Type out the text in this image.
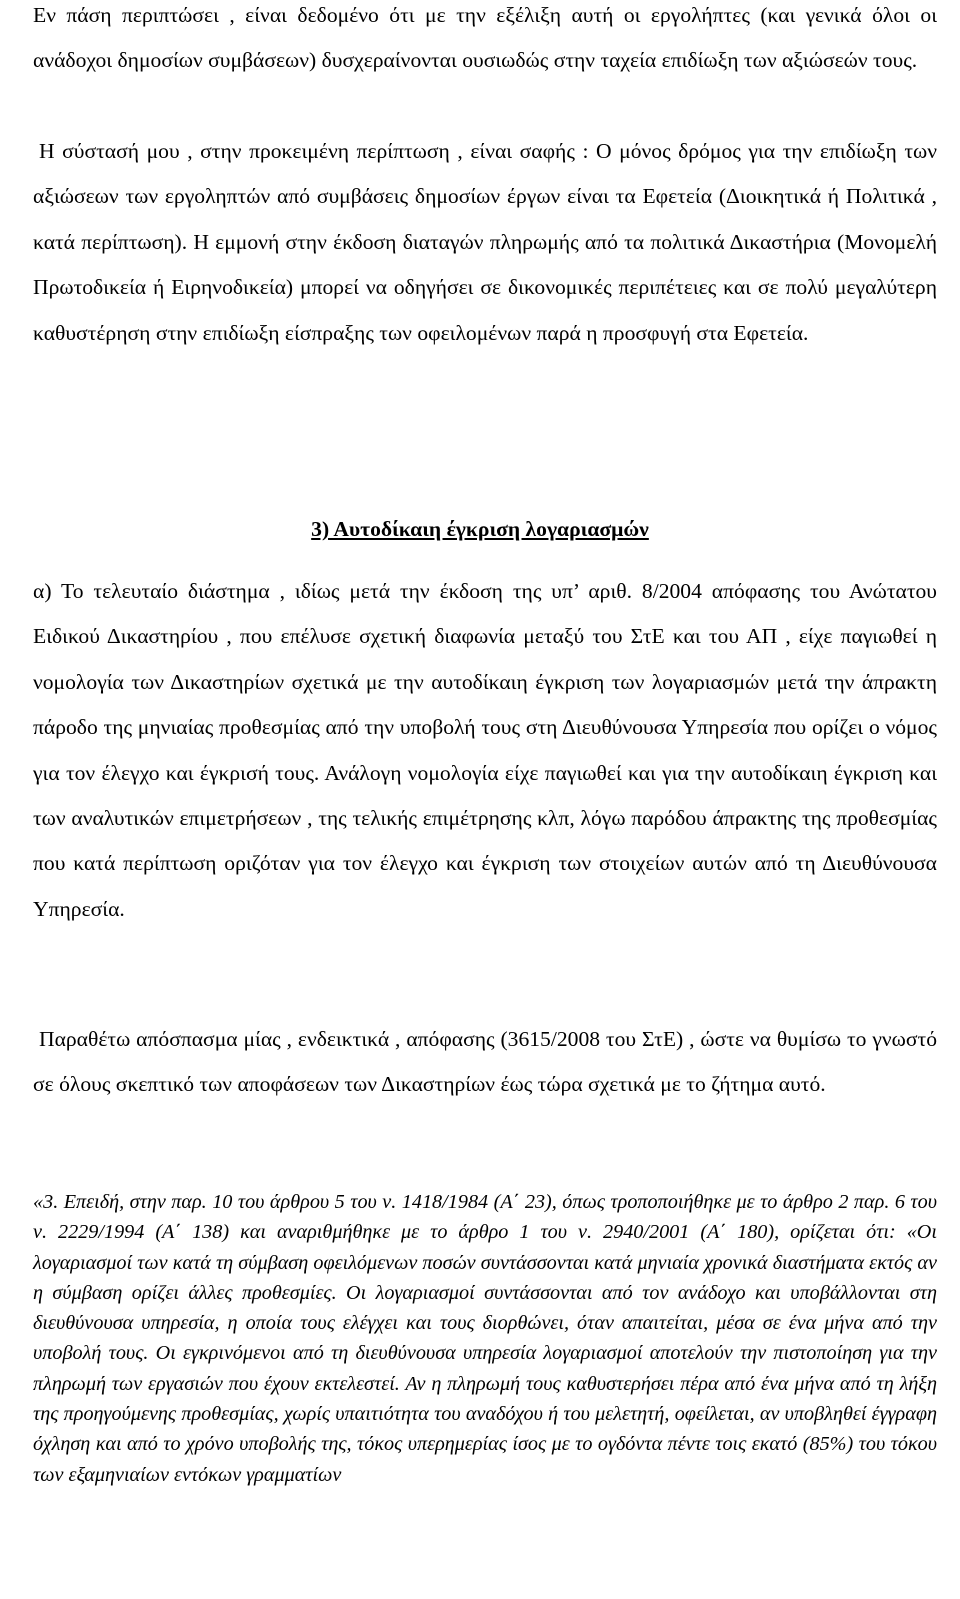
Εν πάση περιπτώσει , είναι δεδομένο ότι με την εξέλιξη αυτή οι εργολήπτες (και γενικά όλοι οι ανάδοχοι δημοσίων συμβάσεων) δυσχεραίνονται ουσιωδώς στην ταχεία επιδίωξη των αξιώσεών τους.

Η σύστασή μου , στην προκειμένη περίπτωση , είναι σαφής : Ο μόνος δρόμος για την επιδίωξη των αξιώσεων των εργοληπτών από συμβάσεις δημοσίων έργων είναι τα Εφετεία (Διοικητικά ή Πολιτικά , κατά περίπτωση). Η εμμονή στην έκδοση διαταγών πληρωμής από τα πολιτικά Δικαστήρια (Μονομελή Πρωτοδικεία ή Ειρηνοδικεία) μπορεί να οδηγήσει σε δικονομικές περιπέτειες και σε πολύ μεγαλύτερη καθυστέρηση στην επιδίωξη είσπραξης των οφειλομένων παρά η προσφυγή στα Εφετεία.

3) Αυτοδίκαιη έγκριση λογαριασμών

α) Το τελευταίο διάστημα , ιδίως μετά την έκδοση της υπ’ αριθ. 8/2004 απόφασης του Ανώτατου Ειδικού Δικαστηρίου , που επέλυσε σχετική διαφωνία μεταξύ του ΣτΕ και του ΑΠ , είχε παγιωθεί η νομολογία των Δικαστηρίων σχετικά με την αυτοδίκαιη έγκριση των λογαριασμών μετά την άπρακτη πάροδο της μηνιαίας προθεσμίας από την υποβολή τους στη Διευθύνουσα Υπηρεσία που ορίζει ο νόμος για τον έλεγχο και έγκρισή τους. Ανάλογη νομολογία είχε παγιωθεί και για την αυτοδίκαιη έγκριση και των αναλυτικών επιμετρήσεων , της τελικής επιμέτρησης κλπ, λόγω παρόδου άπρακτης της προθεσμίας που κατά περίπτωση οριζόταν για τον έλεγχο και έγκριση των στοιχείων αυτών από τη Διευθύνουσα Υπηρεσία.

Παραθέτω απόσπασμα μίας , ενδεικτικά , απόφασης (3615/2008 του ΣτΕ) , ώστε να θυμίσω το γνωστό σε όλους σκεπτικό των αποφάσεων των Δικαστηρίων έως τώρα σχετικά με το ζήτημα αυτό.

«3. Επειδή, στην παρ. 10 του άρθρου 5 του ν. 1418/1984 (Α΄ 23), όπως τροποποιήθηκε με το άρθρο 2 παρ. 6 του ν. 2229/1994 (Α΄ 138) και αναριθμήθηκε με το άρθρο 1 του ν. 2940/2001 (Α΄ 180), ορίζεται ότι: «Οι λογαριασμοί των κατά τη σύμβαση οφειλόμενων ποσών συντάσσονται κατά μηνιαία χρονικά διαστήματα εκτός αν η σύμβαση ορίζει άλλες προθεσμίες. Οι λογαριασμοί συντάσσονται από τον ανάδοχο και υποβάλλονται στη διευθύνουσα υπηρεσία, η οποία τους ελέγχει και τους διορθώνει, όταν απαιτείται, μέσα σε ένα μήνα από την υποβολή τους. Οι εγκρινόμενοι από τη διευθύνουσα υπηρεσία λογαριασμοί αποτελούν την πιστοποίηση για την πληρωμή των εργασιών που έχουν εκτελεστεί. Αν η πληρωμή τους καθυστερήσει πέρα από ένα μήνα από τη λήξη της προηγούμενης προθεσμίας, χωρίς υπαιτιότητα του αναδόχου ή του μελετητή, οφείλεται, αν υποβληθεί έγγραφη όχληση και από το χρόνο υποβολής της, τόκος υπερημερίας ίσος με το ογδόντα πέντε τοις εκατό (85%) του τόκου των εξαμηνιαίων εντόκων γραμματίων
